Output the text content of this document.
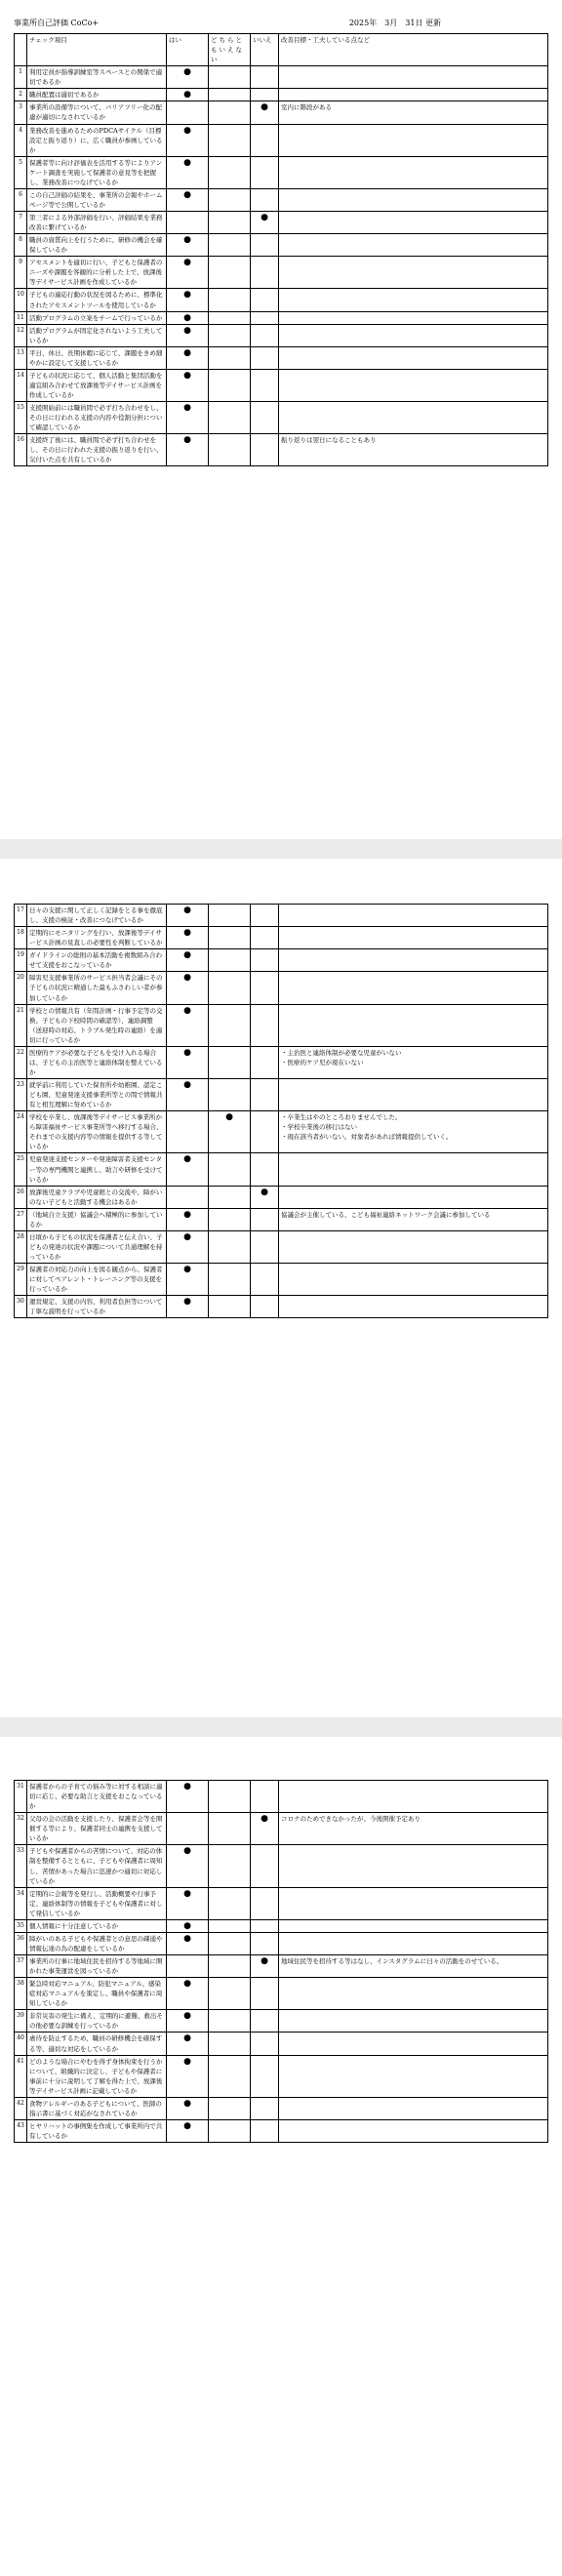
事業所自己評価 CoCo+	2025年　3月　31日 更新
	チェック項目	はい	どちらともいえない	いいえ	改善目標・工夫している点など
1	利用定員が指導訓練室等スペースとの関係で適切であるか	●			
2	職員配置は適切であるか	●			
3	事業所の設備等について、バリアフリー化の配慮が適切になされているか			●	室内に階段がある
4	業務改善を進めるためのPDCAサイクル（目標設定と振り返り）に、広く職員が参画しているか	●			
5	保護者等に向け評価表を活用する等によりアンケート調査を実施して保護者の意見等を把握し、業務改善につなげているか	●			
6	この自己評価の結果を、事業所の会報やホームページ等で公開しているか	●			
7	第三者による外部評価を行い、評価結果を業務改善に繋げているか			●	
8	職員の資質向上を行うために、研修の機会を確保しているか	●			
9	アセスメントを適切に行い、子どもと保護者のニーズや課題を客観的に分析した上で、放課後等デイサービス計画を作成しているか	●			
10	子どもの適応行動の状況を図るために、標準化されたアセスメントツールを使用しているか	●			
11	活動プログラムの立案をチームで行っているか	●			
12	活動プログラムが固定化されないよう工夫しているか	●			
13	平日、休日、長期休暇に応じて、課題をきめ細やかに設定して支援しているか	●			
14	子どもの状況に応じて、個人活動と集団活動を適宜組み合わせて放課後等デイサービス計画を作成しているか	●			
15	支援開始前には職員間で必ず打ち合わせをし、その日に行われる支援の内容や役割分担について確認しているか	●			
16	支援終了後には、職員間で必ず打ち合わせをし、その日に行われた支援の振り返りを行い、気付いた点を共有しているか	●			振り返りは翌日になることもあり
17	日々の支援に関して正しく記録をとる事を徹底し、支援の検証・改善につなげているか	●			
18	定期的にモニタリングを行い、放課後等デイサービス計画の見直しの必要性を判断しているか	●			
19	ガイドラインの総則の基本活動を複数組み合わせて支援をおこなっているか	●			
20	障害児支援事業所のサービス担当者会議にその子どもの状況に精通した最もふさわしい者が参加しているか	●			
21	学校との情報共有（年間計画・行事予定等の交換、子どもの下校時間の確認等）、連絡調整（送迎時の対応、トラブル発生時の連絡）を適切に行っているか	●			
22	医療的ケアが必要な子どもを受け入れる場合は、子どもの主治医等と連絡体制を整えているか	●			・主治医と連絡体制が必要な児童がいない
・医療的ケア児が現在いない
23	就学前に利用していた保育所や幼稚園、認定こども園、児童発達支援事業所等との間で情報共有と相互理解に努めているか	●			
24	学校を卒業し、放課後等デイサービス事業所から障害福祉サービス事業所等へ移行する場合、それまでの支援内容等の情報を提供する等しているか		●		・卒業生はやのところおりませんでした。
・学校卒業後の移行はない
・現在該当者がいない。対象者があれば情報提供していく。
25	児童発達支援センターや発達障害者支援センター等の専門機関と連携し、助言や研修を受けているか	●			
26	放課後児童クラブや児童館との交流や、障がいのない子どもと活動する機会はあるか			●	
27	（地域自立支援）協議会へ積極的に参加しているか	●			協議会が主催している、こども福祉連絡ネットワーク会議に参加している
28	日頃から子どもの状況を保護者と伝え合い、子どもの発達の状況や課題について共通理解を持っているか	●			
29	保護者の対応力の向上を図る観点から、保護者に対してペアレント・トレーニング等の支援を行っているか	●			
30	運営規定、支援の内容、利用者負担等について丁寧な説明を行っているか	●			
31	保護者からの子育ての悩み等に対する相談に適切に応じ、必要な助言と支援をおこなっているか	●			
32	父母の会の活動を支援したり、保護者会等を開催する等により、保護者同士の連携を支援しているか			●	コロナのためできなかったが、今後開催予定あり
33	子どもや保護者からの苦情について、対応の体制を整備するとともに、子どもや保護者に周知し、苦情があった場合に迅速かつ適切に対応しているか	●			
34	定期的に会報等を発行し、活動概要や行事予定、連絡体制等の情報を子どもや保護者に対して発信しているか	●			
35	個人情報に十分注意しているか	●			
36	障がいのある子どもや保護者との意思の疎通や情報伝達の為の配慮をしているか	●			
37	事業所の行事に地域住民を招待する等地域に開かれた事業運営を図っているか			●	地域住民等を招待する等はなし、インスタグラムに日々の活動をのせている。
38	緊急時対応マニュアル、防犯マニュアル、感染症対応マニュアルを策定し、職員や保護者に周知しているか	●			
39	非常災害の発生に備え、定期的に避難、救出その他必要な訓練を行っているか	●			
40	虐待を防止するため、職員の研修機会を確保する等、適切な対応をしているか	●			
41	どのような場合にやむを得ず身体拘束を行うかについて、組織的に決定し、子どもや保護者に事前に十分に説明して了解を得た上で、放課後等デイサービス計画に記載しているか	●			
42	食物アレルギーのある子どもについて、医師の指示書に基づく対応がなされているか	●			
43	ヒヤリハットの事例集を作成して事業所内で共有しているか	●			
